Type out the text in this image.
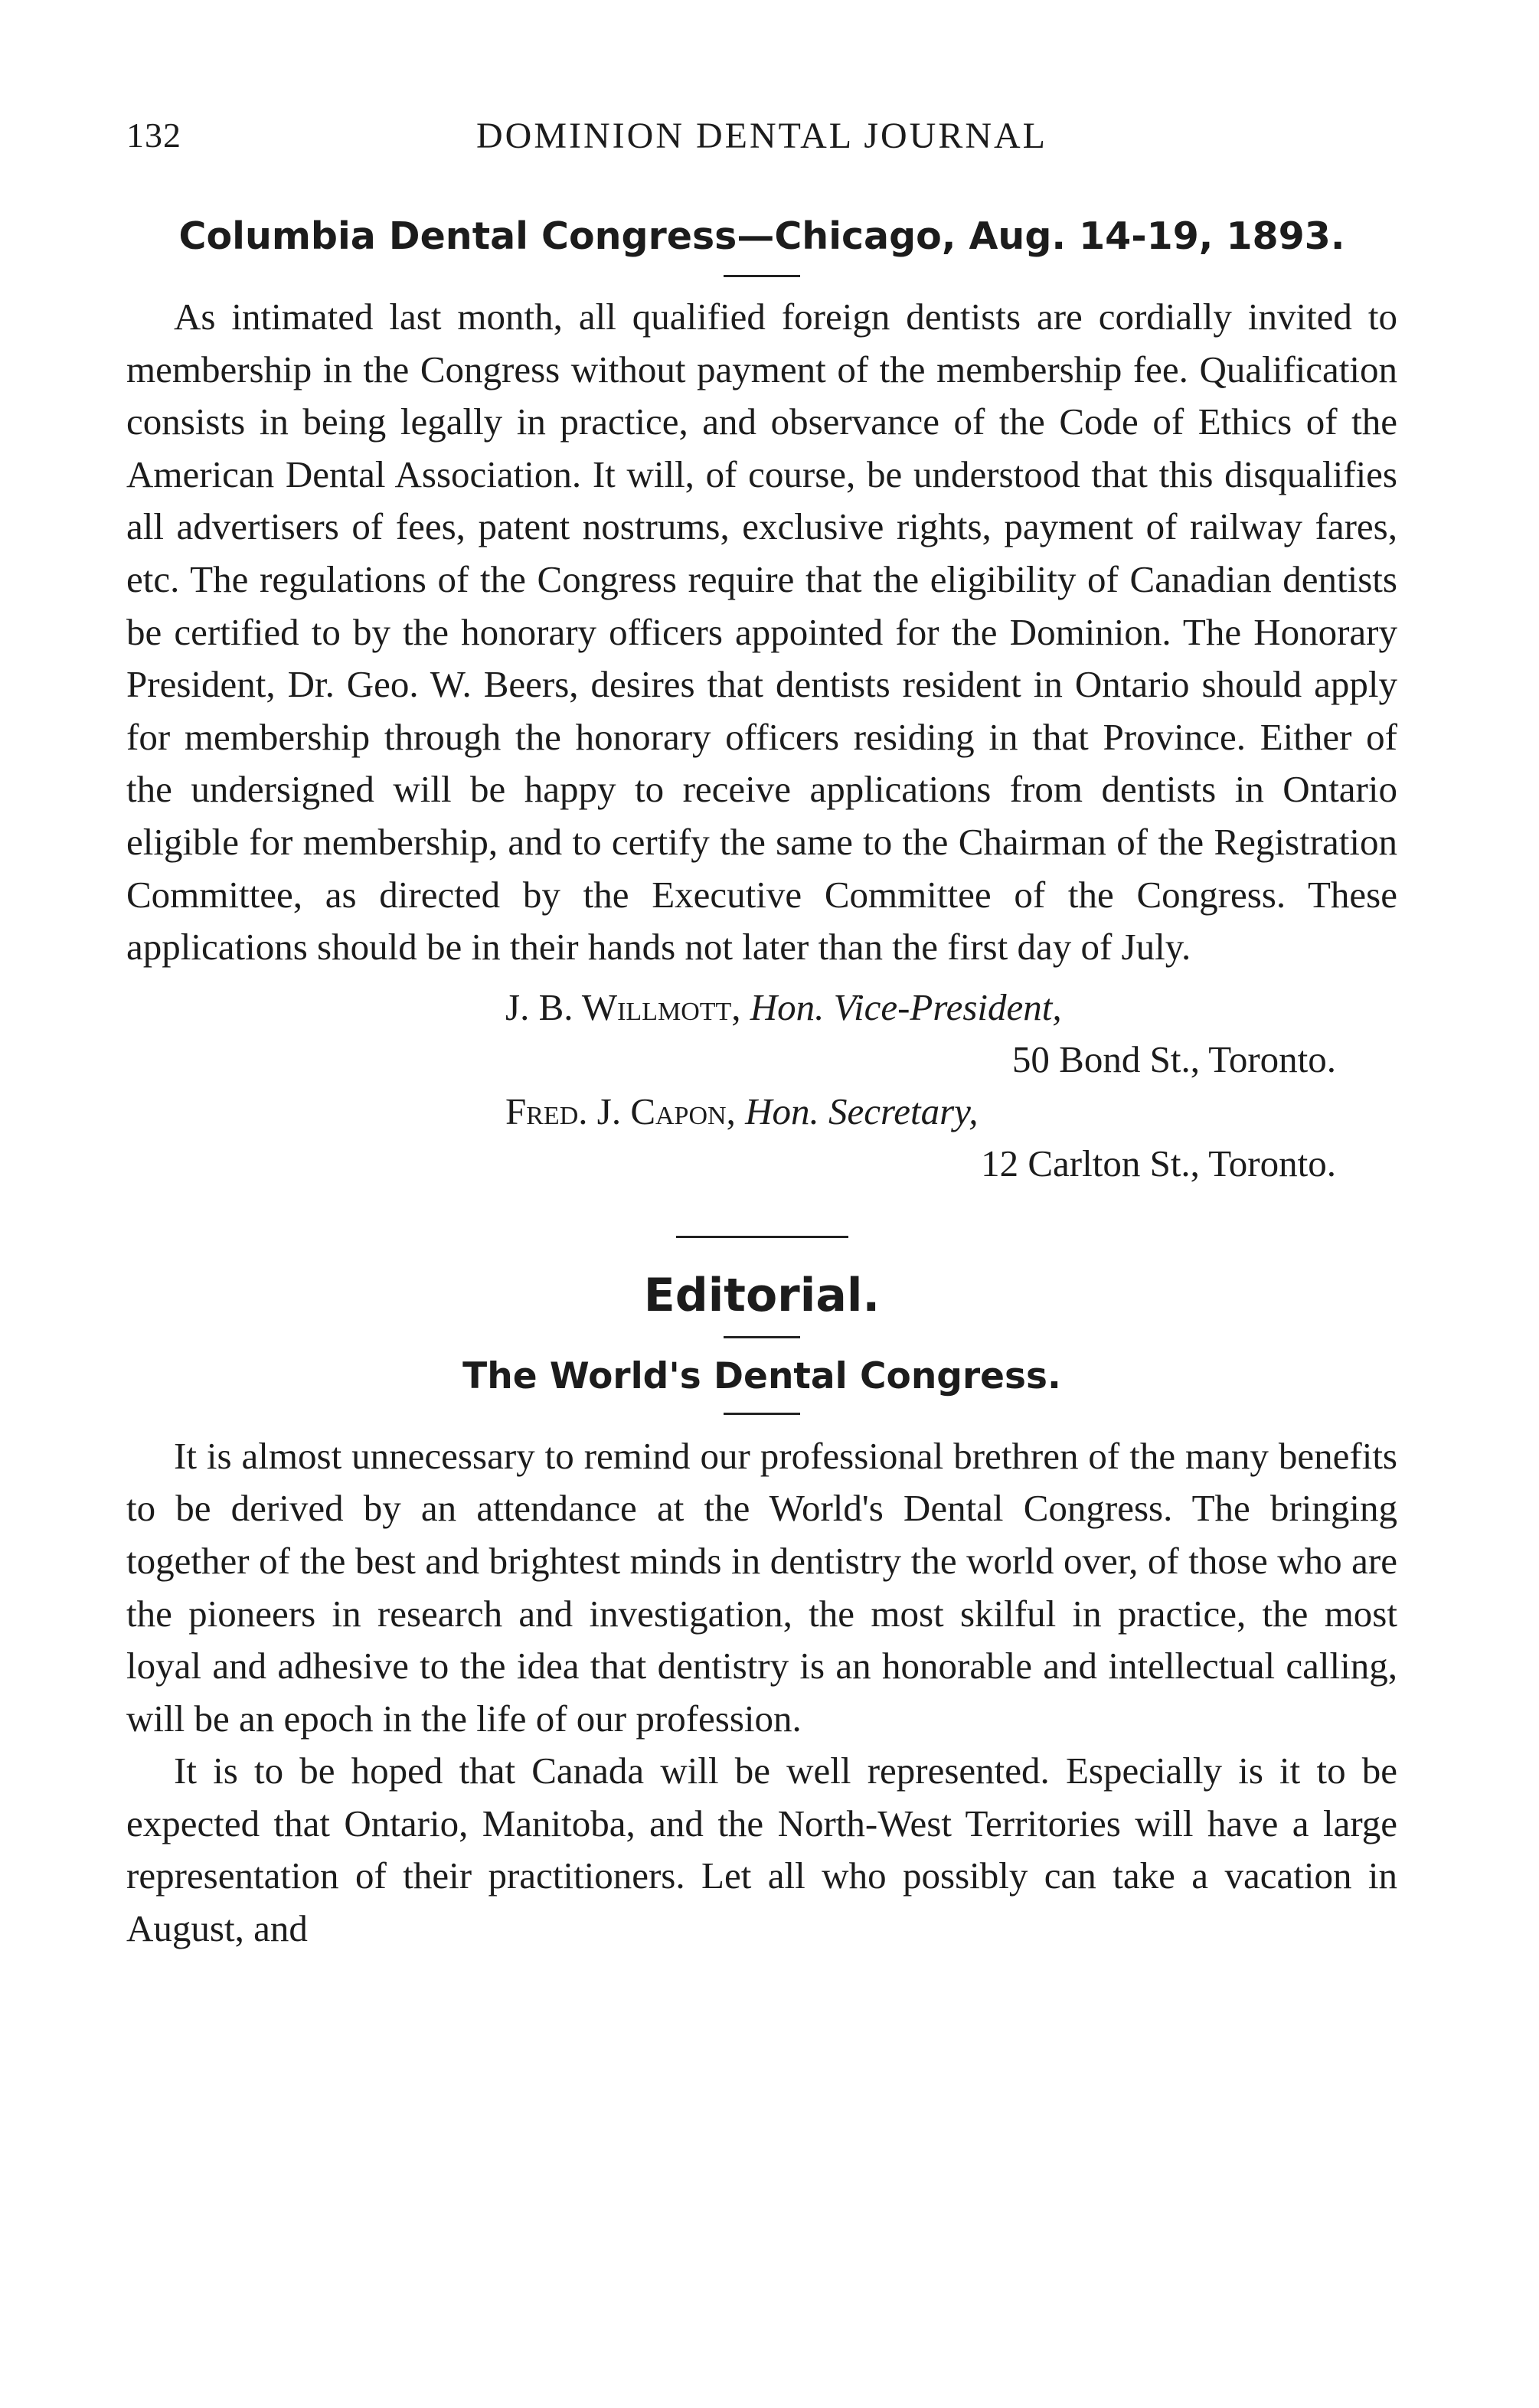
132	DOMINION DENTAL JOURNAL
Columbia Dental Congress—Chicago, Aug. 14-19, 1893.

As intimated last month, all qualified foreign dentists are cordially invited to membership in the Congress without payment of the membership fee. Qualification consists in being legally in practice, and observance of the Code of Ethics of the American Dental Association. It will, of course, be understood that this disqualifies all advertisers of fees, patent nostrums, exclusive rights, payment of railway fares, etc. The regulations of the Congress require that the eligibility of Canadian dentists be certified to by the honorary officers appointed for the Dominion. The Honorary President, Dr. Geo. W. Beers, desires that dentists resident in Ontario should apply for membership through the honorary officers residing in that Province. Either of the undersigned will be happy to receive applications from dentists in Ontario eligible for membership, and to certify the same to the Chairman of the Registration Committee, as directed by the Executive Committee of the Congress. These applications should be in their hands not later than the first day of July.

J. B. Willmott, Hon. Vice-President,
50 Bond St., Toronto.
Fred. J. Capon, Hon. Secretary,
12 Carlton St., Toronto.
Editorial.
The World's Dental Congress.

It is almost unnecessary to remind our professional brethren of the many benefits to be derived by an attendance at the World's Dental Congress. The bringing together of the best and brightest minds in dentistry the world over, of those who are the pioneers in research and investigation, the most skilful in practice, the most loyal and adhesive to the idea that dentistry is an honorable and intellectual calling, will be an epoch in the life of our profession.

It is to be hoped that Canada will be well represented. Especially is it to be expected that Ontario, Manitoba, and the North-West Territories will have a large representation of their practitioners. Let all who possibly can take a vacation in August, and
